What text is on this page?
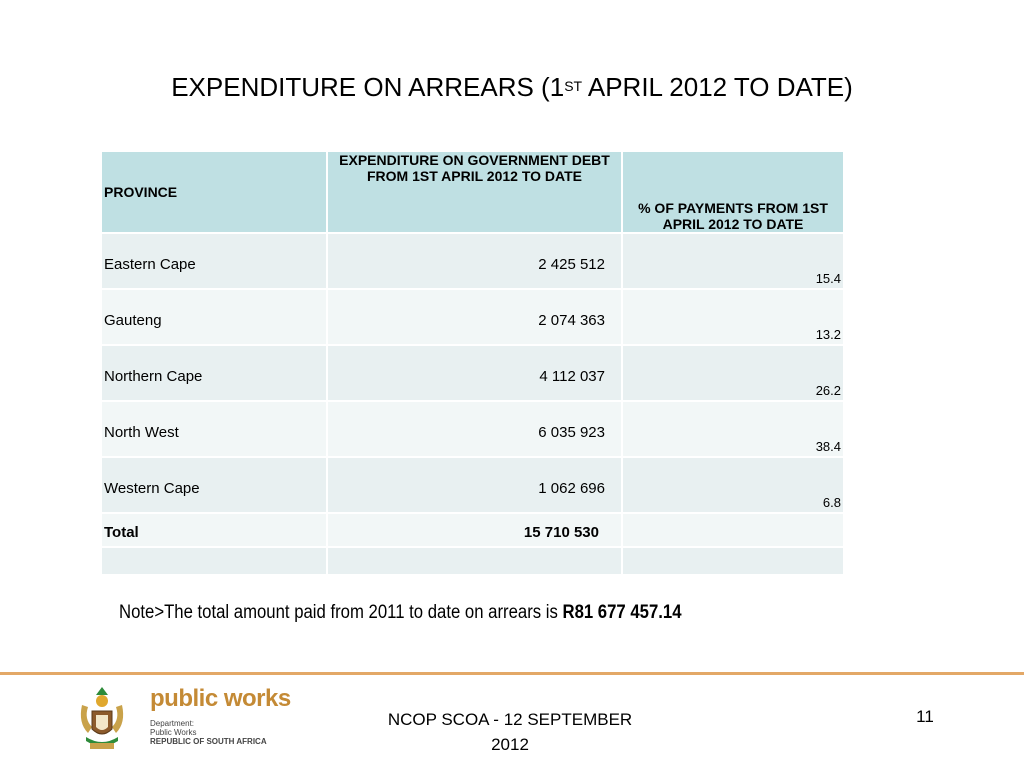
EXPENDITURE ON ARREARS (1ST APRIL 2012 TO DATE)
PROVINCE	EXPENDITURE ON GOVERNMENT DEBT FROM 1ST APRIL 2012 TO DATE	% OF PAYMENTS FROM 1ST APRIL 2012 TO DATE
Eastern Cape	2 425 512	15.4
Gauteng	2 074 363	13.2
Northern Cape	4 112 037	26.2
North West	6 035 923	38.4
Western Cape	1 062 696	6.8
Total	15 710 530	

Note>The total amount paid from 2011 to date on arrears is R81 677 457.14
public works
Department:
Public Works
REPUBLIC OF SOUTH AFRICA
NCOP SCOA - 12 SEPTEMBER
2012
11
